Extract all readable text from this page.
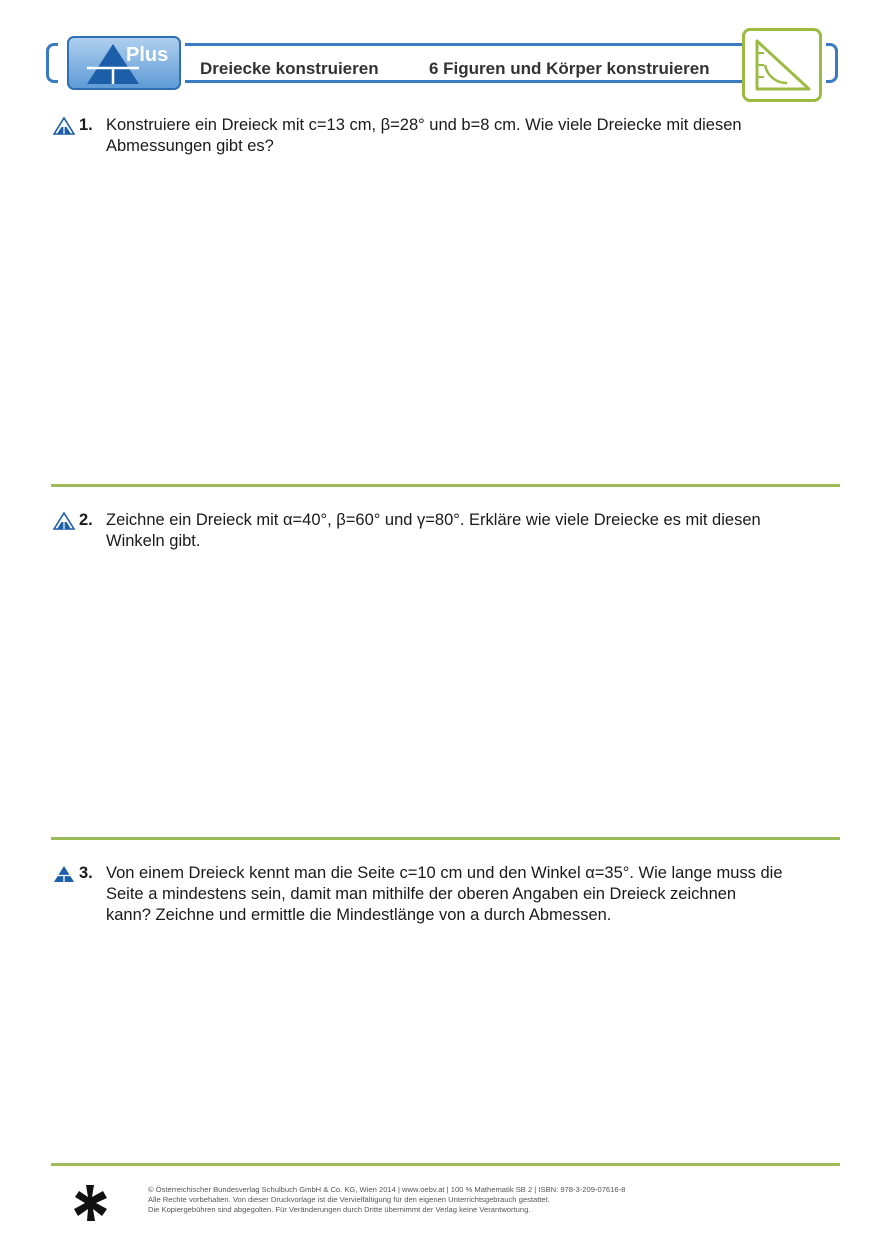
Plus
Dreiecke konstruieren	6 Figuren und Körper konstruieren
1. Konstruiere ein Dreieck mit c=13 cm, β=28° und b=8 cm. Wie viele Dreiecke mit diesen
Abmessungen gibt es?
2. Zeichne ein Dreieck mit α=40°, β=60° und γ=80°. Erkläre wie viele Dreiecke es mit diesen
Winkeln gibt.
3. Von einem Dreieck kennt man die Seite c=10 cm und den Winkel α=35°. Wie lange muss die
Seite a mindestens sein, damit man mithilfe der oberen Angaben ein Dreieck zeichnen
kann? Zeichne und ermittle die Mindestlänge von a durch Abmessen.
© Österreichischer Bundesverlag Schulbuch GmbH & Co. KG, Wien 2014 | www.oebv.at | 100 % Mathematik SB 2 | ISBN: 978-3-209-07616-8
Alle Rechte vorbehalten. Von dieser Druckvorlage ist die Vervielfältigung für den eigenen Unterrichtsgebrauch gestattet.
Die Kopiergebühren sind abgegolten. Für Veränderungen durch Dritte übernimmt der Verlag keine Verantwortung.
